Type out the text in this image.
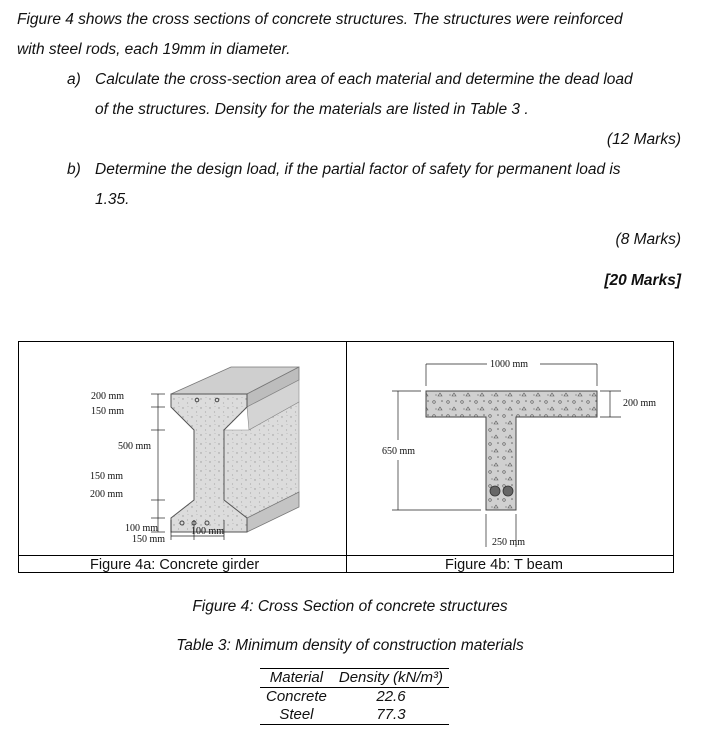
Figure 4 shows the cross sections of concrete structures. The structures were reinforced
with steel rods, each 19mm in diameter.
a) Calculate the cross-section area of each material and determine the dead load
of the structures. Density for the materials are listed in Table 3 .
(12 Marks)
b) Determine the design load, if the partial factor of safety for permanent load is
1.35.
(8 Marks)
[20 Marks]
200 mm
150 mm
500 mm
150 mm
200 mm
100 mm
150 mm
100 mm
1000 mm
200 mm
650 mm
250 mm
Figure 4a: Concrete girder	Figure 4b: T beam
Figure 4: Cross Section of concrete structures
Table 3: Minimum density of construction materials
Material	Density (kN/m³)
Concrete	22.6
Steel	77.3
